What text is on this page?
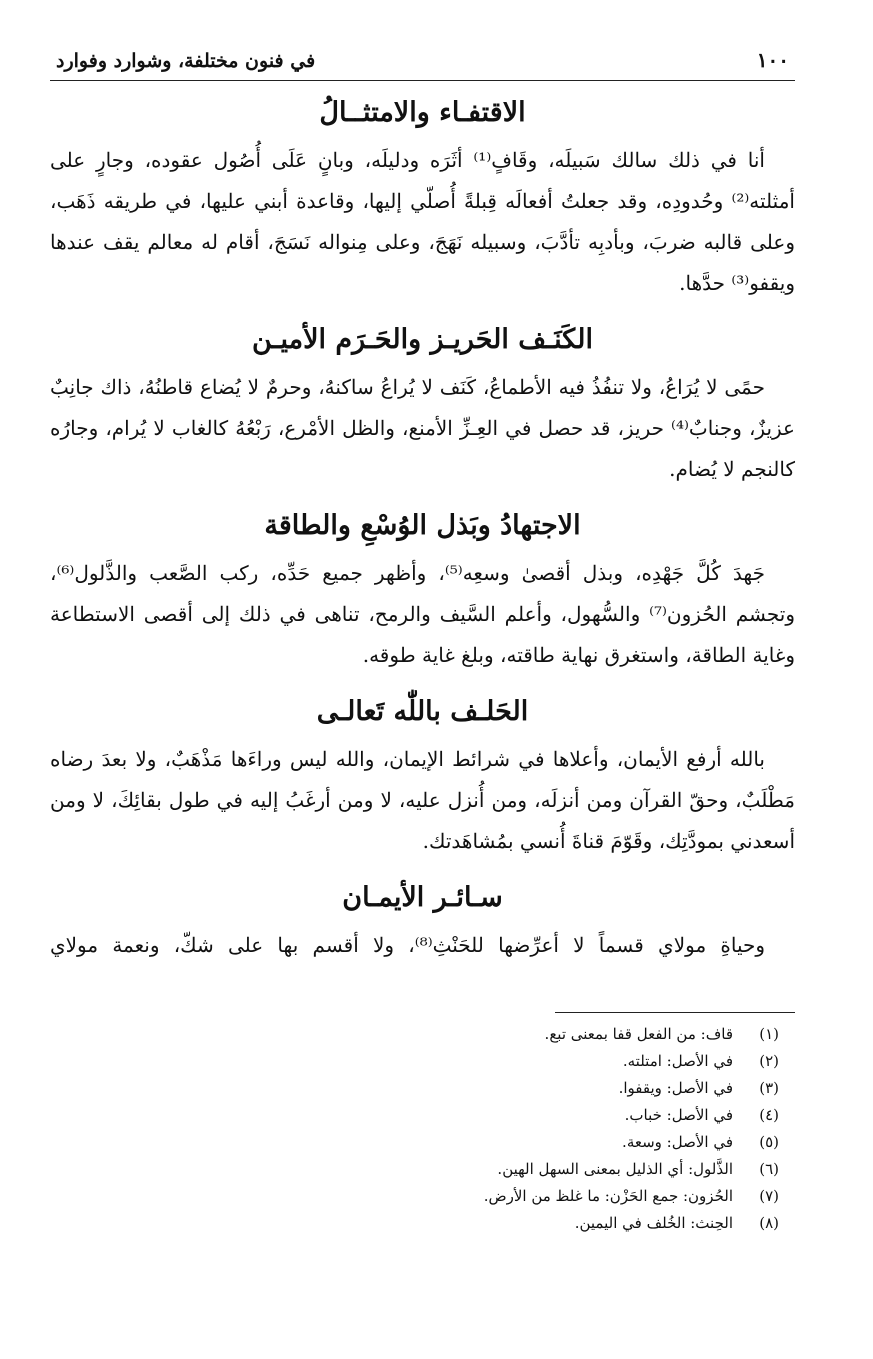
١٠٠
في فنون مختلفة، وشوارد وفوارد
الاقتفـاء والامتثــالُ

أنا في ذلك سالك سَبيلَه، وقَافٍ⁽¹⁾ أثَرَه ودليلَه، وبانٍ عَلَى أُصُول عقوده، وجارٍ على أمثلته⁽²⁾ وحُدودِه، وقد جعلتُ أفعالَه قِبلةً أُصلّي إليها، وقاعدة أبني عليها، في طريقه ذَهَب، وعلى قالبه ضربَ، وبأدبِه تأدَّبَ، وسبيله نَهَجَ، وعلى مِنواله نَسَجَ، أقام له معالم يقف عندها ويقفو⁽³⁾ حدَّها.

الكَنَـف الحَريـز والحَـرَم الأميـن

حمًى لا يُرَاعُ، ولا تنفُذُ فيه الأطماعُ، كَنَف لا يُراعُ ساكنهُ، وحرمٌ لا يُضاع قاطنُهُ، ذاك جانِبٌ عزيزٌ، وجنابٌ⁽⁴⁾ حريز، قد حصل في العِـزِّ الأمنع، والظل الأمْرع، رَبْعُهُ كالغاب لا يُرام، وجارُه كالنجم لا يُضام.

الاجتهادُ وبَذل الوُسْعِ والطاقة

جَهدَ كُلَّ جَهْدِه، وبذل أقصىٰ وسعِه⁽⁵⁾، وأظهر جميع حَدِّه، ركب الصَّعب والذَّلول⁽⁶⁾، وتجشم الحُزون⁽⁷⁾ والسُّهول، وأعلم السَّيف والرمح، تناهى في ذلك إلى أقصى الاستطاعة وغاية الطاقة، واستغرق نهاية طاقته، وبلغ غاية طوقه.

الحَلـف باللّٰه تَعالـى

بالله أرفع الأيمان، وأعلاها في شرائط الإيمان، والله ليس وراءَها مَذْهَبٌ، ولا بعدَ رضاه مَطْلَبٌ، وحقّ القرآن ومن أنزلَه، ومن أُنزل عليه، لا ومن أرغَبُ إليه في طول بقائِكَ، لا ومن أسعدني بمودَّتِك، وقَوّمَ قناةَ أُنسي بمُشاهَدتك.

سـائـر الأيمـان

وحياةِ مولاي قسماً لا أعرِّضها للحَنْثِ⁽⁸⁾، ولا أقسم بها على شكّ، ونعمة مولاي

(١)
قاف: من الفعل قفا بمعنى تبع.
(٢)
في الأصل: امتلته.
(٣)
في الأصل: ويقفوا.
(٤)
في الأصل: خباب.
(٥)
في الأصل: وسعة.
(٦)
الذَّلول: أي الذليل بمعنى السهل الهين.
(٧)
الحُزون: جمع الحَزْن: ما غلظ من الأرض.
(٨)
الحِنث: الخُلف في اليمين.
